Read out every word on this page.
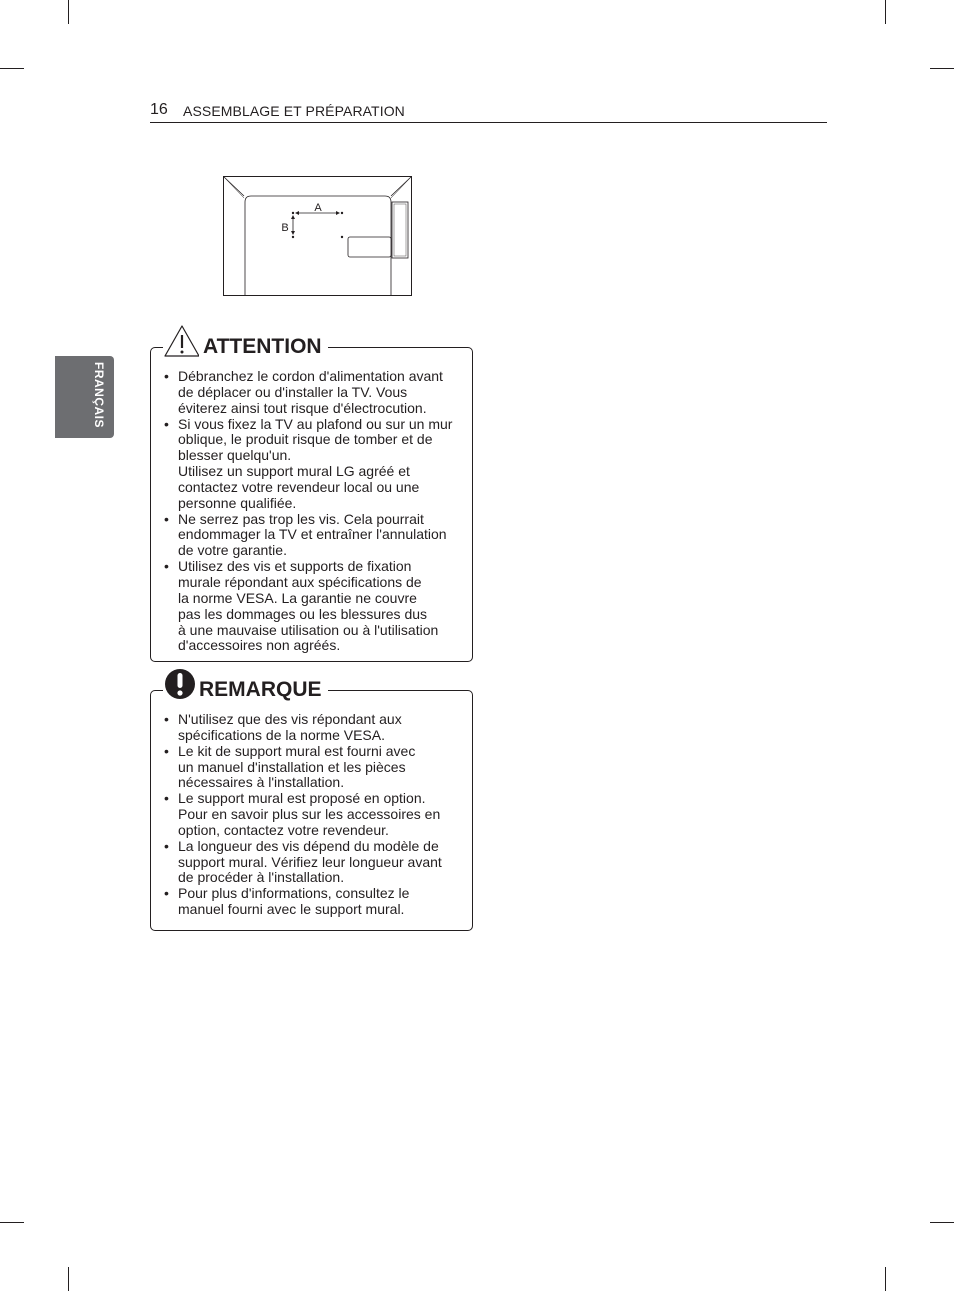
16 ASSEMBLAGE ET PRÉPARATION
FRANÇAIS
A
B
ATTENTION
• Débranchez le cordon d'alimentation avant
de déplacer ou d'installer la TV. Vous
éviterez ainsi tout risque d'électrocution.
• Si vous fixez la TV au plafond ou sur un mur
oblique, le produit risque de tomber et de
blesser quelqu'un.
Utilisez un support mural LG agréé et
contactez votre revendeur local ou une
personne qualifiée.
• Ne serrez pas trop les vis. Cela pourrait
endommager la TV et entraîner l'annulation
de votre garantie.
• Utilisez des vis et supports de fixation
murale répondant aux spécifications de
la norme VESA. La garantie ne couvre
pas les dommages ou les blessures dus
à une mauvaise utilisation ou à l'utilisation
d'accessoires non agréés.
REMARQUE
• N'utilisez que des vis répondant aux
spécifications de la norme VESA.
• Le kit de support mural est fourni avec
un manuel d'installation et les pièces
nécessaires à l'installation.
• Le support mural est proposé en option.
Pour en savoir plus sur les accessoires en
option, contactez votre revendeur.
• La longueur des vis dépend du modèle de
support mural. Vérifiez leur longueur avant
de procéder à l'installation.
• Pour plus d'informations, consultez le
manuel fourni avec le support mural.
